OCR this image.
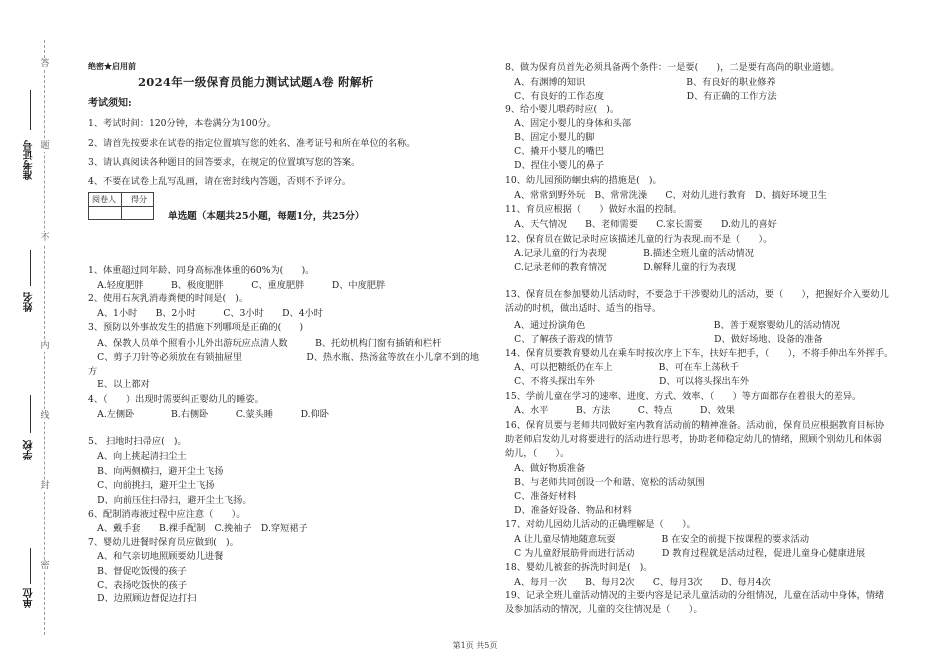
答
题
不
内
线
封
密
准考证号
姓名
学校
单位
绝密★启用前
2024年一级保育员能力测试试题A卷 附解析
考试须知:
1、考试时间：120分钟，本卷满分为100分。
2、请首先按要求在试卷的指定位置填写您的姓名、准考证号和所在单位的名称。
3、请认真阅读各种题目的回答要求，在规定的位置填写您的答案。
4、不要在试卷上乱写乱画，请在密封线内答题，否则不予评分。
阅卷人 得分
单选题（本题共25小题，每题1分，共25分）
1、体重超过同年龄、同身高标准体重的60%为(　　)。
　A.轻度肥胖　　　B、极度肥胖　　　C、重度肥胖　　　D、中度肥胖
2、使用石灰乳消毒粪便的时间是(　)。
　A、1小时　　B、2小时　　　C、3小时　　D、4小时
3、预防以外事故发生的措施下列哪项是正确的(　　)
　A、保教人员单个照看小儿外出游玩应点清人数　　　B、托幼机构门窗有插销和栏杆
　C、剪子刀针等必须放在有锁抽屉里　　　　　　　D、热水瓶、热汤盆等放在小儿拿不到的地
方
　E、以上都对
4、（　　）出现时需要纠正婴幼儿的睡姿。
　A.左侧卧　　　　B.右侧卧　　　C.蒙头睡　　　D.仰卧
5、 扫地时扫帚应(　)。
　A、向上挑起清扫尘土
　B、向两侧横扫，避开尘土飞扬
　C、向前挑扫，避开尘土飞扬
　D、向前压住扫帚扫，避开尘土飞扬。
6、配制消毒液过程中应注意（　　）。
　A、戴手套　　B.裸手配制　C.挽袖子　D.穿短裙子
7、婴幼儿进餐时保育员应做到(　)。
　A、和气亲切地照顾要幼儿进餐
　B、督促吃饭慢的孩子
　C、表扬吃饭快的孩子
　D、边照顾边督促边打扫
8、做为保育员首先必须具备两个条件：一是要(　　)，二是要有高尚的职业道德。
　A、有渊博的知识　　　　　　　　　　　B、有良好的职业修养
　C、有良好的工作态度　　　　　　　　　D、有正确的工作方法
9、给小婴儿喂药时应(　)。
　A、固定小婴儿的身体和头部
　B、固定小婴儿的脚
　C、撬开小婴儿的嘴巴
　D、捏住小婴儿的鼻子
10、幼儿园预防蛔虫病的措施是(　)。
　A、常常到野外玩　B、常常洗澡　　C、对幼儿进行教育　D、搞好环境卫生
11、育员应根据（　　）做好水温的控制。
　A、天气情况　　B、老师需要　　C.家长需要　　D.幼儿的喜好
12、保育员在做记录时应该描述儿童的行为表现.而不是（　　）。
　A.记录儿童的行为表现　　　　B.描述全班儿童的活动情况
　C.记录老师的教育情况　　　　D.解释儿童的行为表现
13、保育员在参加婴幼儿活动时，不要急于干涉婴幼儿的活动，要（　　），把握好介入要幼儿
活动的时机，做出适时、适当的指导。
　A、通过扮演角色　　　　　　　　　　　　　　B、善于观察婴幼儿的活动情况
　C、了解孩子游戏的情节　　　　　　　　　　　D、做好场地、设备的准备
14、保育员要教育婴幼儿在乘车时按次序上下车，扶好车把手，（　　），不将手伸出车外挥手。
　A、可以把糖纸仍在车上　　　　　B、可在车上荡秋千
　C、不将头探出车外　　　　　　　D、可以将头探出车外
15、学前儿童在学习的速率、进度、方式、效率、（　　）等方面都存在着很大的差异。
　A、水平　　　B、方法　　　C、特点　　　D、效果
16、保育员要与老师共同做好室内教育活动前的精神准备。活动前，保育员应根据教育目标协
助老师启发幼儿对将要进行的活动进行思考，协助老师稳定幼儿的情绪，照顾个别幼儿和体弱
幼儿，（　　）。
　A、做好物质准备
　B、与老师共同创设一个和谐、宽松的活动氛围
　C、准备好材料
　D、准备好设备、物品和材料
17、对幼儿园幼儿活动的正确理解是（　　）。
　A 让儿童尽情地随意玩耍　　　　　B 在安全的前提下按课程的要求活动
　C 为儿童舒展筋骨而进行活动　　　D 教育过程就是活动过程，促进儿童身心健康进展
18、婴幼儿被套的拆洗时间是(　)。
　A、每月一次　　B、每月2次　　C、每月3次　　D、每月4次
19、记录全班儿童活动情况的主要内容是记录儿童活动的分组情况，儿童在活动中身体，情绪
及参加活动的情况，儿童的交往情况是（　　）。
第1页 共5页
